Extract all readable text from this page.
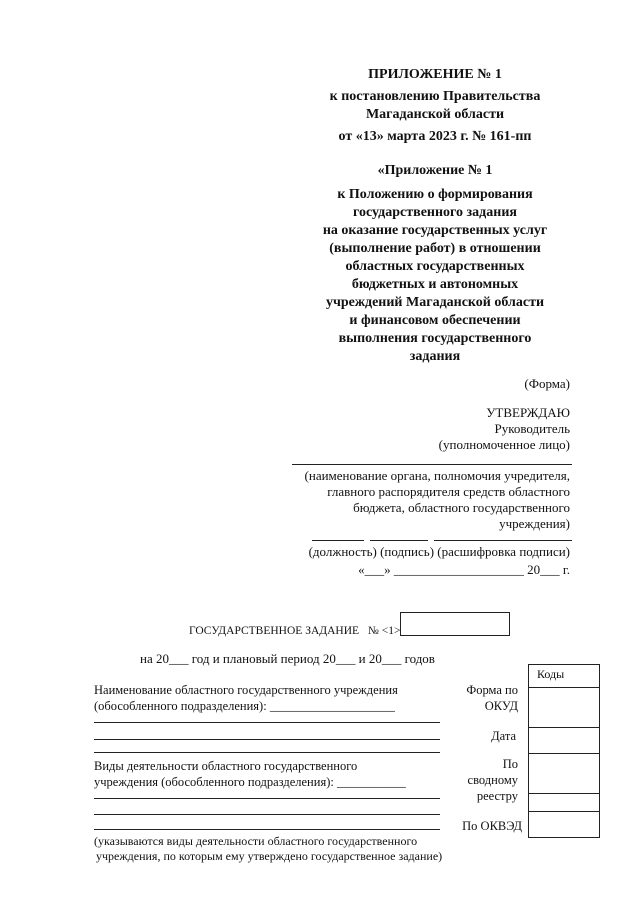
ПРИЛОЖЕНИЕ № 1
к постановлению Правительства
Магаданской области
от «13» марта 2023 г. № 161-пп
«Приложение № 1
к Положению о формирования
государственного задания
на оказание государственных услуг
(выполнение работ) в отношении
областных государственных
бюджетных и автономных
учреждений Магаданской области
и финансовом обеспечении
выполнения государственного
задания
(Форма)
УТВЕРЖДАЮ
Руководитель
(уполномоченное лицо)
(наименование органа, полномочия учредителя,
главного распорядителя средств областного
бюджета, областного государственного
учреждения)
(должность) (подпись) (расшифровка подписи)
«___» ____________________ 20___ г.
ГОСУДАРСТВЕННОЕ ЗАДАНИЕ № <1>
на 20___ год и плановый период 20___ и 20___ годов
Наименование областного государственного учреждения
(обособленного подразделения): ____________________
Виды деятельности областного государственного
учреждения (обособленного подразделения): ___________
(указываются виды деятельности областного государственного
учреждения, по которым ему утверждено государственное задание)
Форма по
ОКУД
Дата
По
сводному
реестру
По ОКВЭД
Коды
